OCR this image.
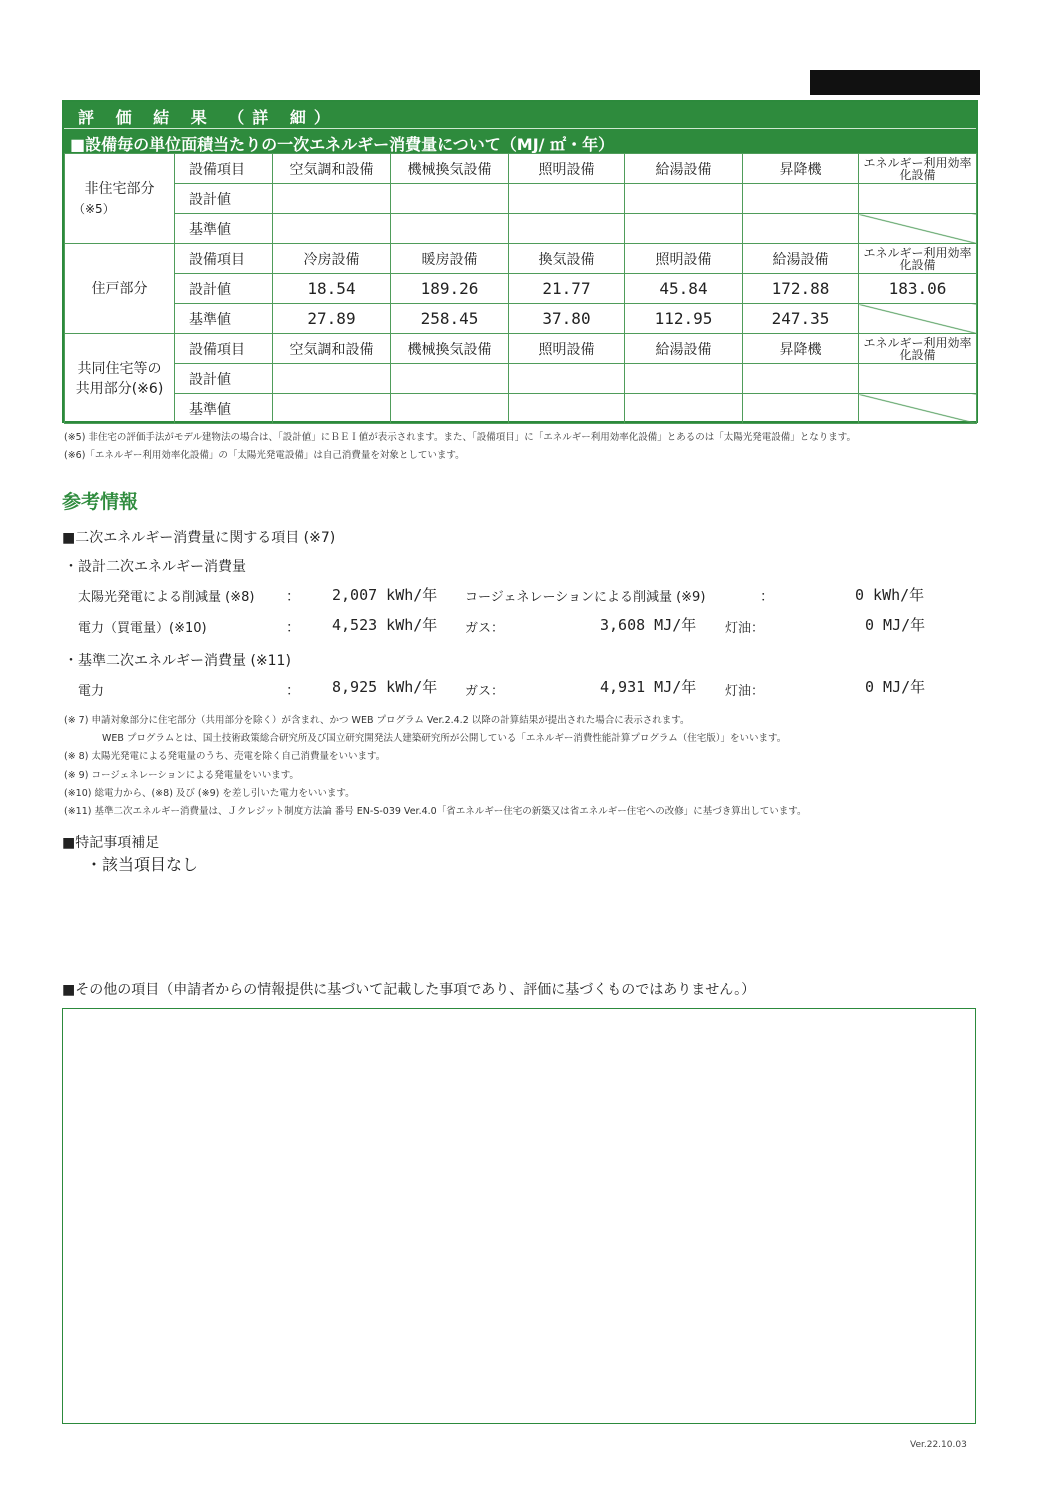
評 価 結 果 （詳 細）
■設備毎の単位面積当たりの一次エネルギー消費量について（MJ/ ㎡・年）
非住宅部分
（※5）	設備項目	空気調和設備	機械換気設備	照明設備	給湯設備	昇降機	エネルギー利用効率化設備
	設計値						
	基準値						
住戸部分	設備項目	冷房設備	暖房設備	換気設備	照明設備	給湯設備	エネルギー利用効率化設備
	設計値	18.54	189.26	21.77	45.84	172.88	183.06
	基準値	27.89	258.45	37.80	112.95	247.35	

共同住宅等の
共用部分(※6)	設備項目	空気調和設備	機械換気設備	照明設備	給湯設備	昇降機	エネルギー利用効率化設備
	設計値						
	基準値						
(※5) 非住宅の評価手法がモデル建物法の場合は、「設計値」にＢＥＩ値が表示されます。また、「設備項目」に「エネルギー利用効率化設備」とあるのは「太陽光発電設備」となります。
(※6)「エネルギー利用効率化設備」の「太陽光発電設備」は自己消費量を対象としています。
参考情報
■二次エネルギー消費量に関する項目 (※7)
・設計二次エネルギー消費量
太陽光発電による削減量 (※8) ： 2,007 kWh/年 コージェネレーションによる削減量 (※9)	：	0 kWh/年
電力（買電量）(※10)	： 4,523 kWh/年 ガス：	3,608 MJ/年 灯油：	0 MJ/年
・基準二次エネルギー消費量 (※11)
電力	： 8,925 kWh/年 ガス：	4,931 MJ/年 灯油：	0 MJ/年
(※ 7) 申請対象部分に住宅部分（共用部分を除く）が含まれ、かつ WEB プログラム Ver.2.4.2 以降の計算結果が提出された場合に表示されます。
WEB プログラムとは、国土技術政策総合研究所及び国立研究開発法人建築研究所が公開している「エネルギー消費性能計算プログラム（住宅版）」をいいます。
(※ 8) 太陽光発電による発電量のうち、売電を除く自己消費量をいいます。
(※ 9) コージェネレーションによる発電量をいいます。
(※10) 総電力から、(※8) 及び (※9) を差し引いた電力をいいます。
(※11) 基準二次エネルギー消費量は、Ｊクレジット制度方法論 番号 EN-S-039 Ver.4.0「省エネルギー住宅の新築又は省エネルギー住宅への改修」に基づき算出しています。
■特記事項補足
・該当項目なし
■その他の項目（申請者からの情報提供に基づいて記載した事項であり、評価に基づくものではありません。）
Ver.22.10.03
